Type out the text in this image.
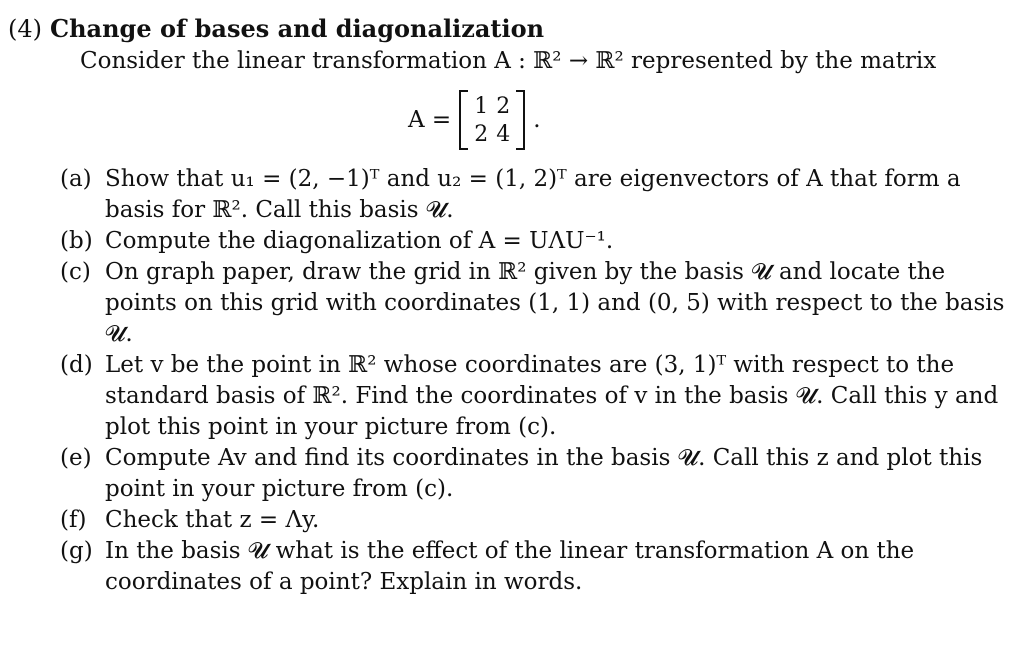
(4) Change of bases and diagonalization
Consider the linear transformation A : ℝ² → ℝ² represented by the matrix
A =
1 2
2 4
.
(a) Show that u₁ = (2, −1)ᵀ and u₂ = (1, 2)ᵀ are eigenvectors of A that form a basis for ℝ². Call this basis 𝓤.
(b) Compute the diagonalization of A = UΛU⁻¹.
(c) On graph paper, draw the grid in ℝ² given by the basis 𝓤 and locate the points on this grid with coordinates (1, 1) and (0, 5) with respect to the basis 𝓤.
(d) Let v be the point in ℝ² whose coordinates are (3, 1)ᵀ with respect to the standard basis of ℝ². Find the coordinates of v in the basis 𝓤. Call this y and plot this point in your picture from (c).
(e) Compute Av and find its coordinates in the basis 𝓤. Call this z and plot this point in your picture from (c).
(f) Check that z = Λy.
(g) In the basis 𝓤 what is the effect of the linear transformation A on the coordinates of a point? Explain in words.
